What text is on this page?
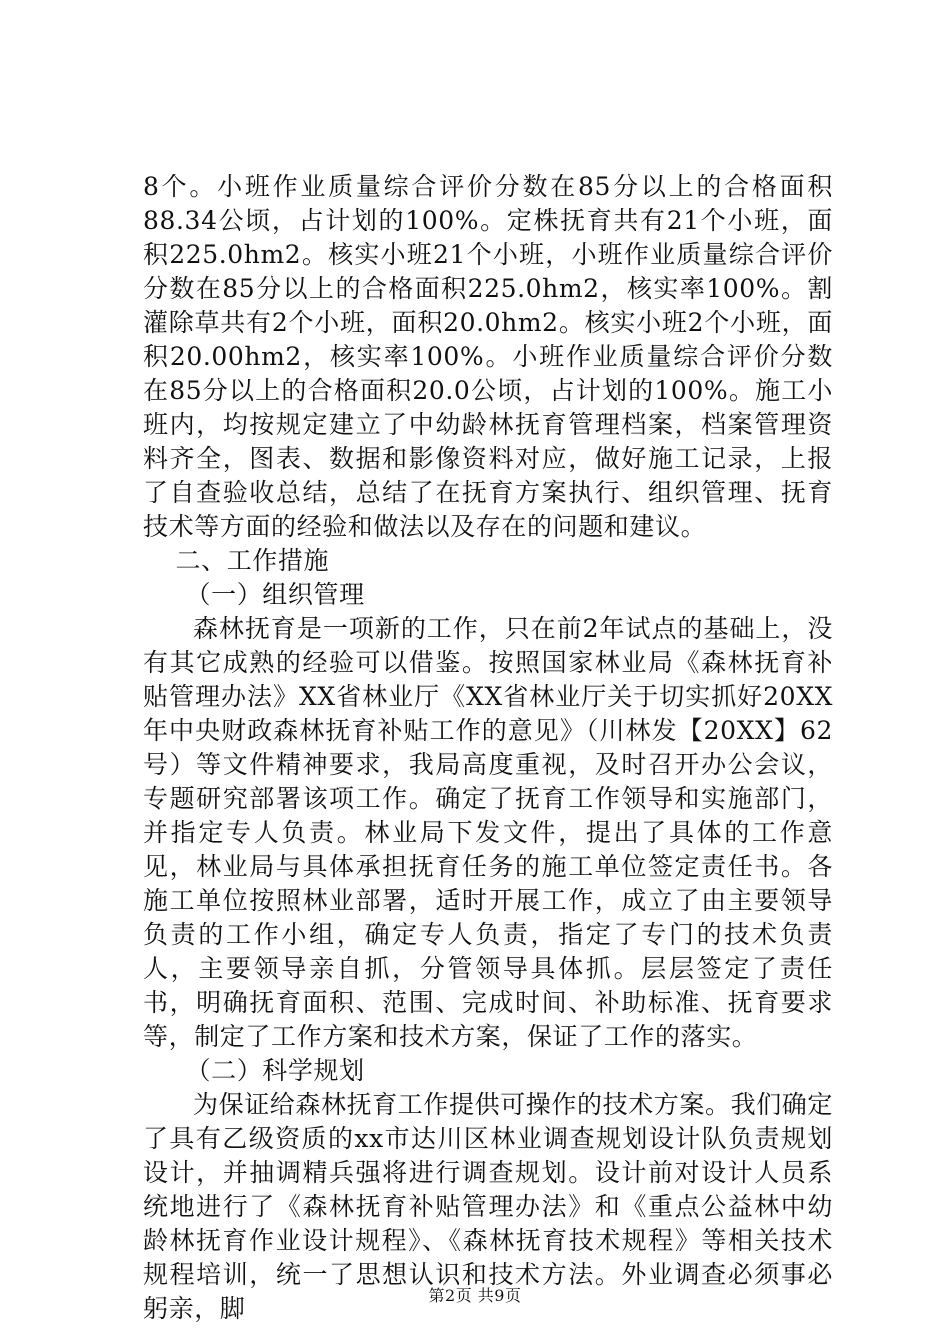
8个。小班作业质量综合评价分数在85分以上的合格面积88.34公顷，占计划的100%。定株抚育共有21个小班，面积225.0hm2。核实小班21个小班，小班作业质量综合评价分数在85分以上的合格面积225.0hm2，核实率100%。割灌除草共有2个小班，面积20.0hm2。核实小班2个小班，面积20.00hm2，核实率100%。小班作业质量综合评价分数在85分以上的合格面积20.0公顷，占计划的100%。施工小班内，均按规定建立了中幼龄林抚育管理档案，档案管理资料齐全，图表、数据和影像资料对应，做好施工记录，上报了自查验收总结，总结了在抚育方案执行、组织管理、抚育技术等方面的经验和做法以及存在的问题和建议。

二、工作措施

（一）组织管理

森林抚育是一项新的工作，只在前2年试点的基础上，没有其它成熟的经验可以借鉴。按照国家林业局《森林抚育补贴管理办法》XX省林业厅《XX省林业厅关于切实抓好20XX年中央财政森林抚育补贴工作的意见》（川林发【20XX】62号）等文件精神要求，我局高度重视，及时召开办公会议，专题研究部署该项工作。确定了抚育工作领导和实施部门，并指定专人负责。林业局下发文件，提出了具体的工作意见，林业局与具体承担抚育任务的施工单位签定责任书。各施工单位按照林业部署，适时开展工作，成立了由主要领导负责的工作小组，确定专人负责，指定了专门的技术负责人，主要领导亲自抓，分管领导具体抓。层层签定了责任书，明确抚育面积、范围、完成时间、补助标准、抚育要求等，制定了工作方案和技术方案，保证了工作的落实。

（二）科学规划

为保证给森林抚育工作提供可操作的技术方案。我们确定了具有乙级资质的xx市达川区林业调查规划设计队负责规划设计，并抽调精兵强将进行调查规划。设计前对设计人员系统地进行了《森林抚育补贴管理办法》和《重点公益林中幼龄林抚育作业设计规程》、《森林抚育技术规程》等相关技术规程培训，统一了思想认识和技术方法。外业调查必须事必躬亲，脚	第2页 共9页
